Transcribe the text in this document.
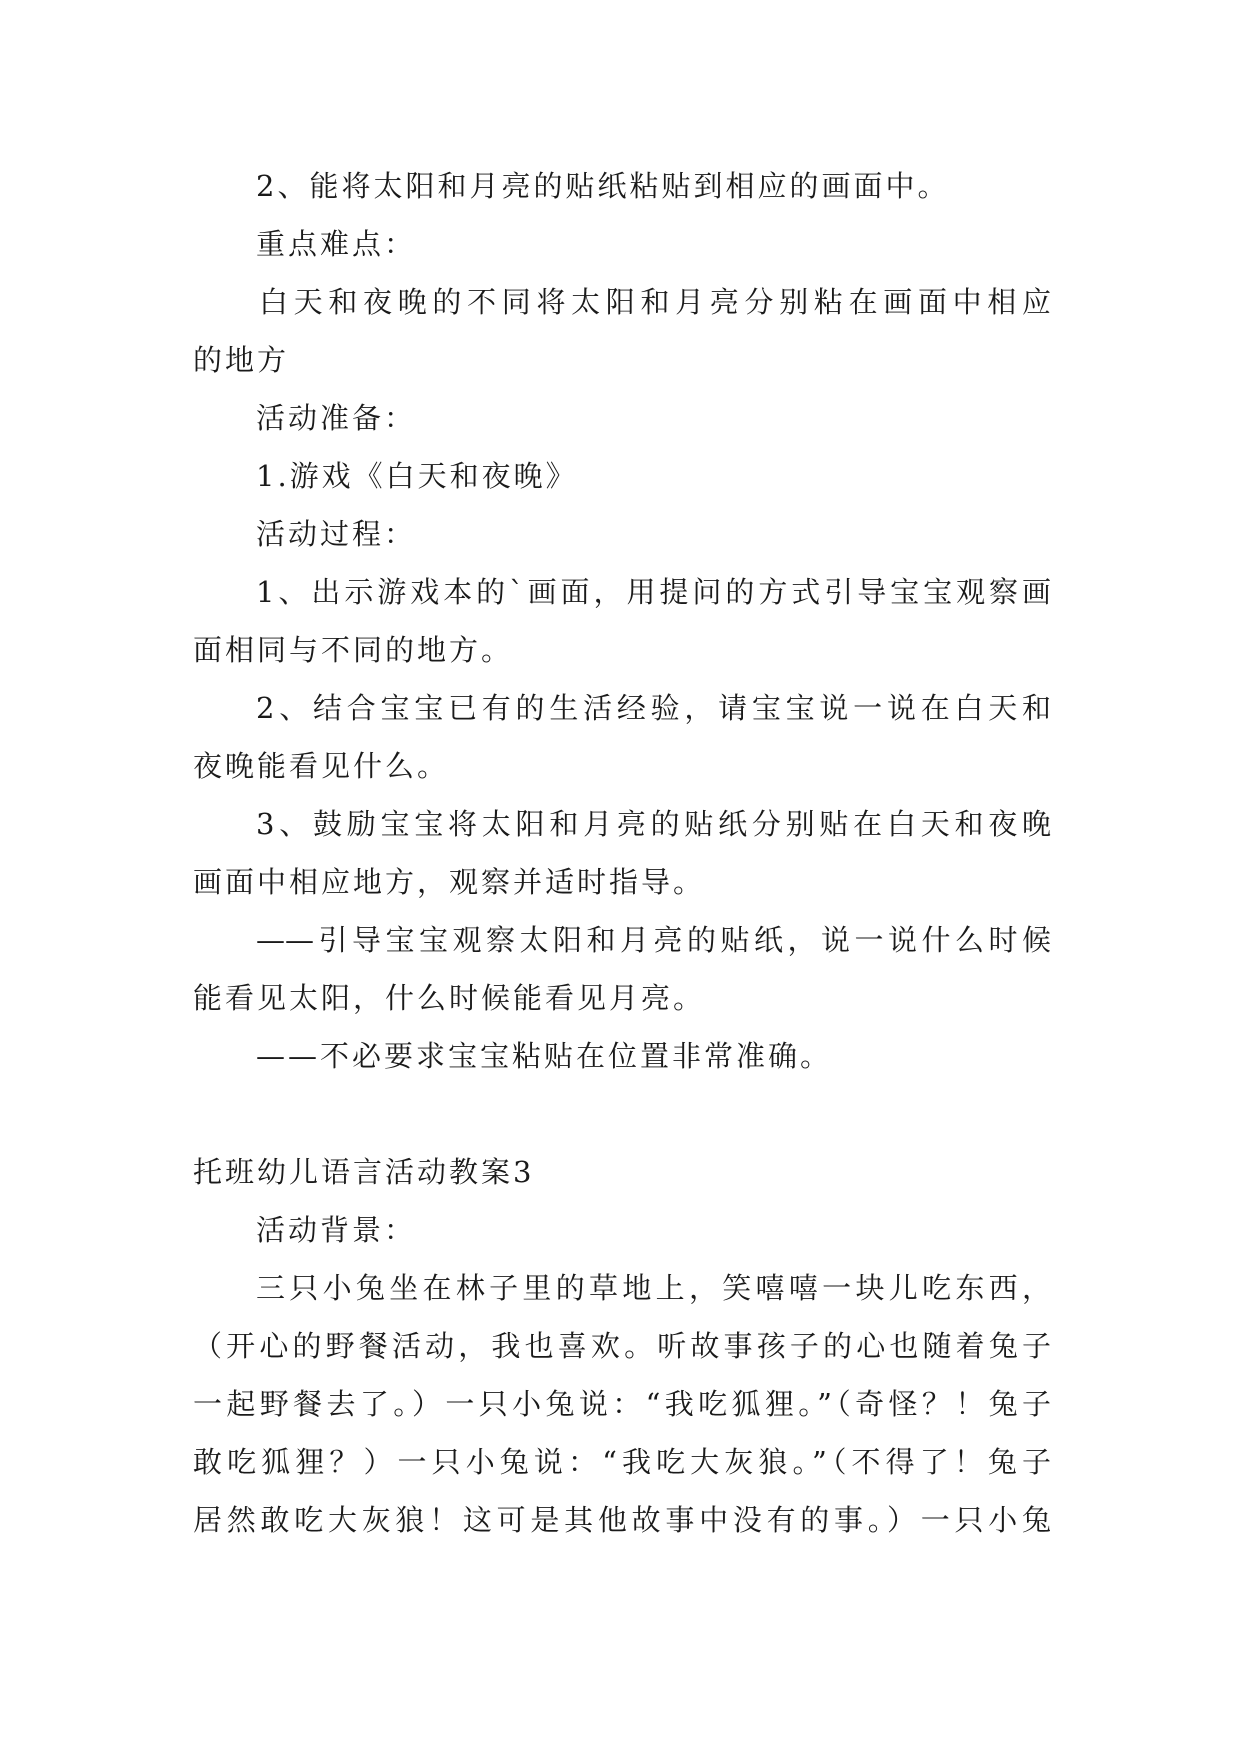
2、能将太阳和月亮的贴纸粘贴到相应的画面中。
重点难点：
白天和夜晚的不同将太阳和月亮分别粘在画面中相应
的地方
活动准备：
1.游戏《白天和夜晚》
活动过程：
1、出示游戏本的`画面，用提问的方式引导宝宝观察画
面相同与不同的地方。
2、结合宝宝已有的生活经验，请宝宝说一说在白天和
夜晚能看见什么。
3、鼓励宝宝将太阳和月亮的贴纸分别贴在白天和夜晚
画面中相应地方，观察并适时指导。
——引导宝宝观察太阳和月亮的贴纸，说一说什么时候
能看见太阳，什么时候能看见月亮。
——不必要求宝宝粘贴在位置非常准确。
托班幼儿语言活动教案3
活动背景：
三只小兔坐在林子里的草地上，笑嘻嘻一块儿吃东西，
（开心的野餐活动，我也喜欢。听故事孩子的心也随着兔子
一起野餐去了。）一只小兔说：“我吃狐狸。”（奇怪？！兔子
敢吃狐狸？）一只小兔说：“我吃大灰狼。”（不得了！兔子
居然敢吃大灰狼！这可是其他故事中没有的事。）一只小兔
